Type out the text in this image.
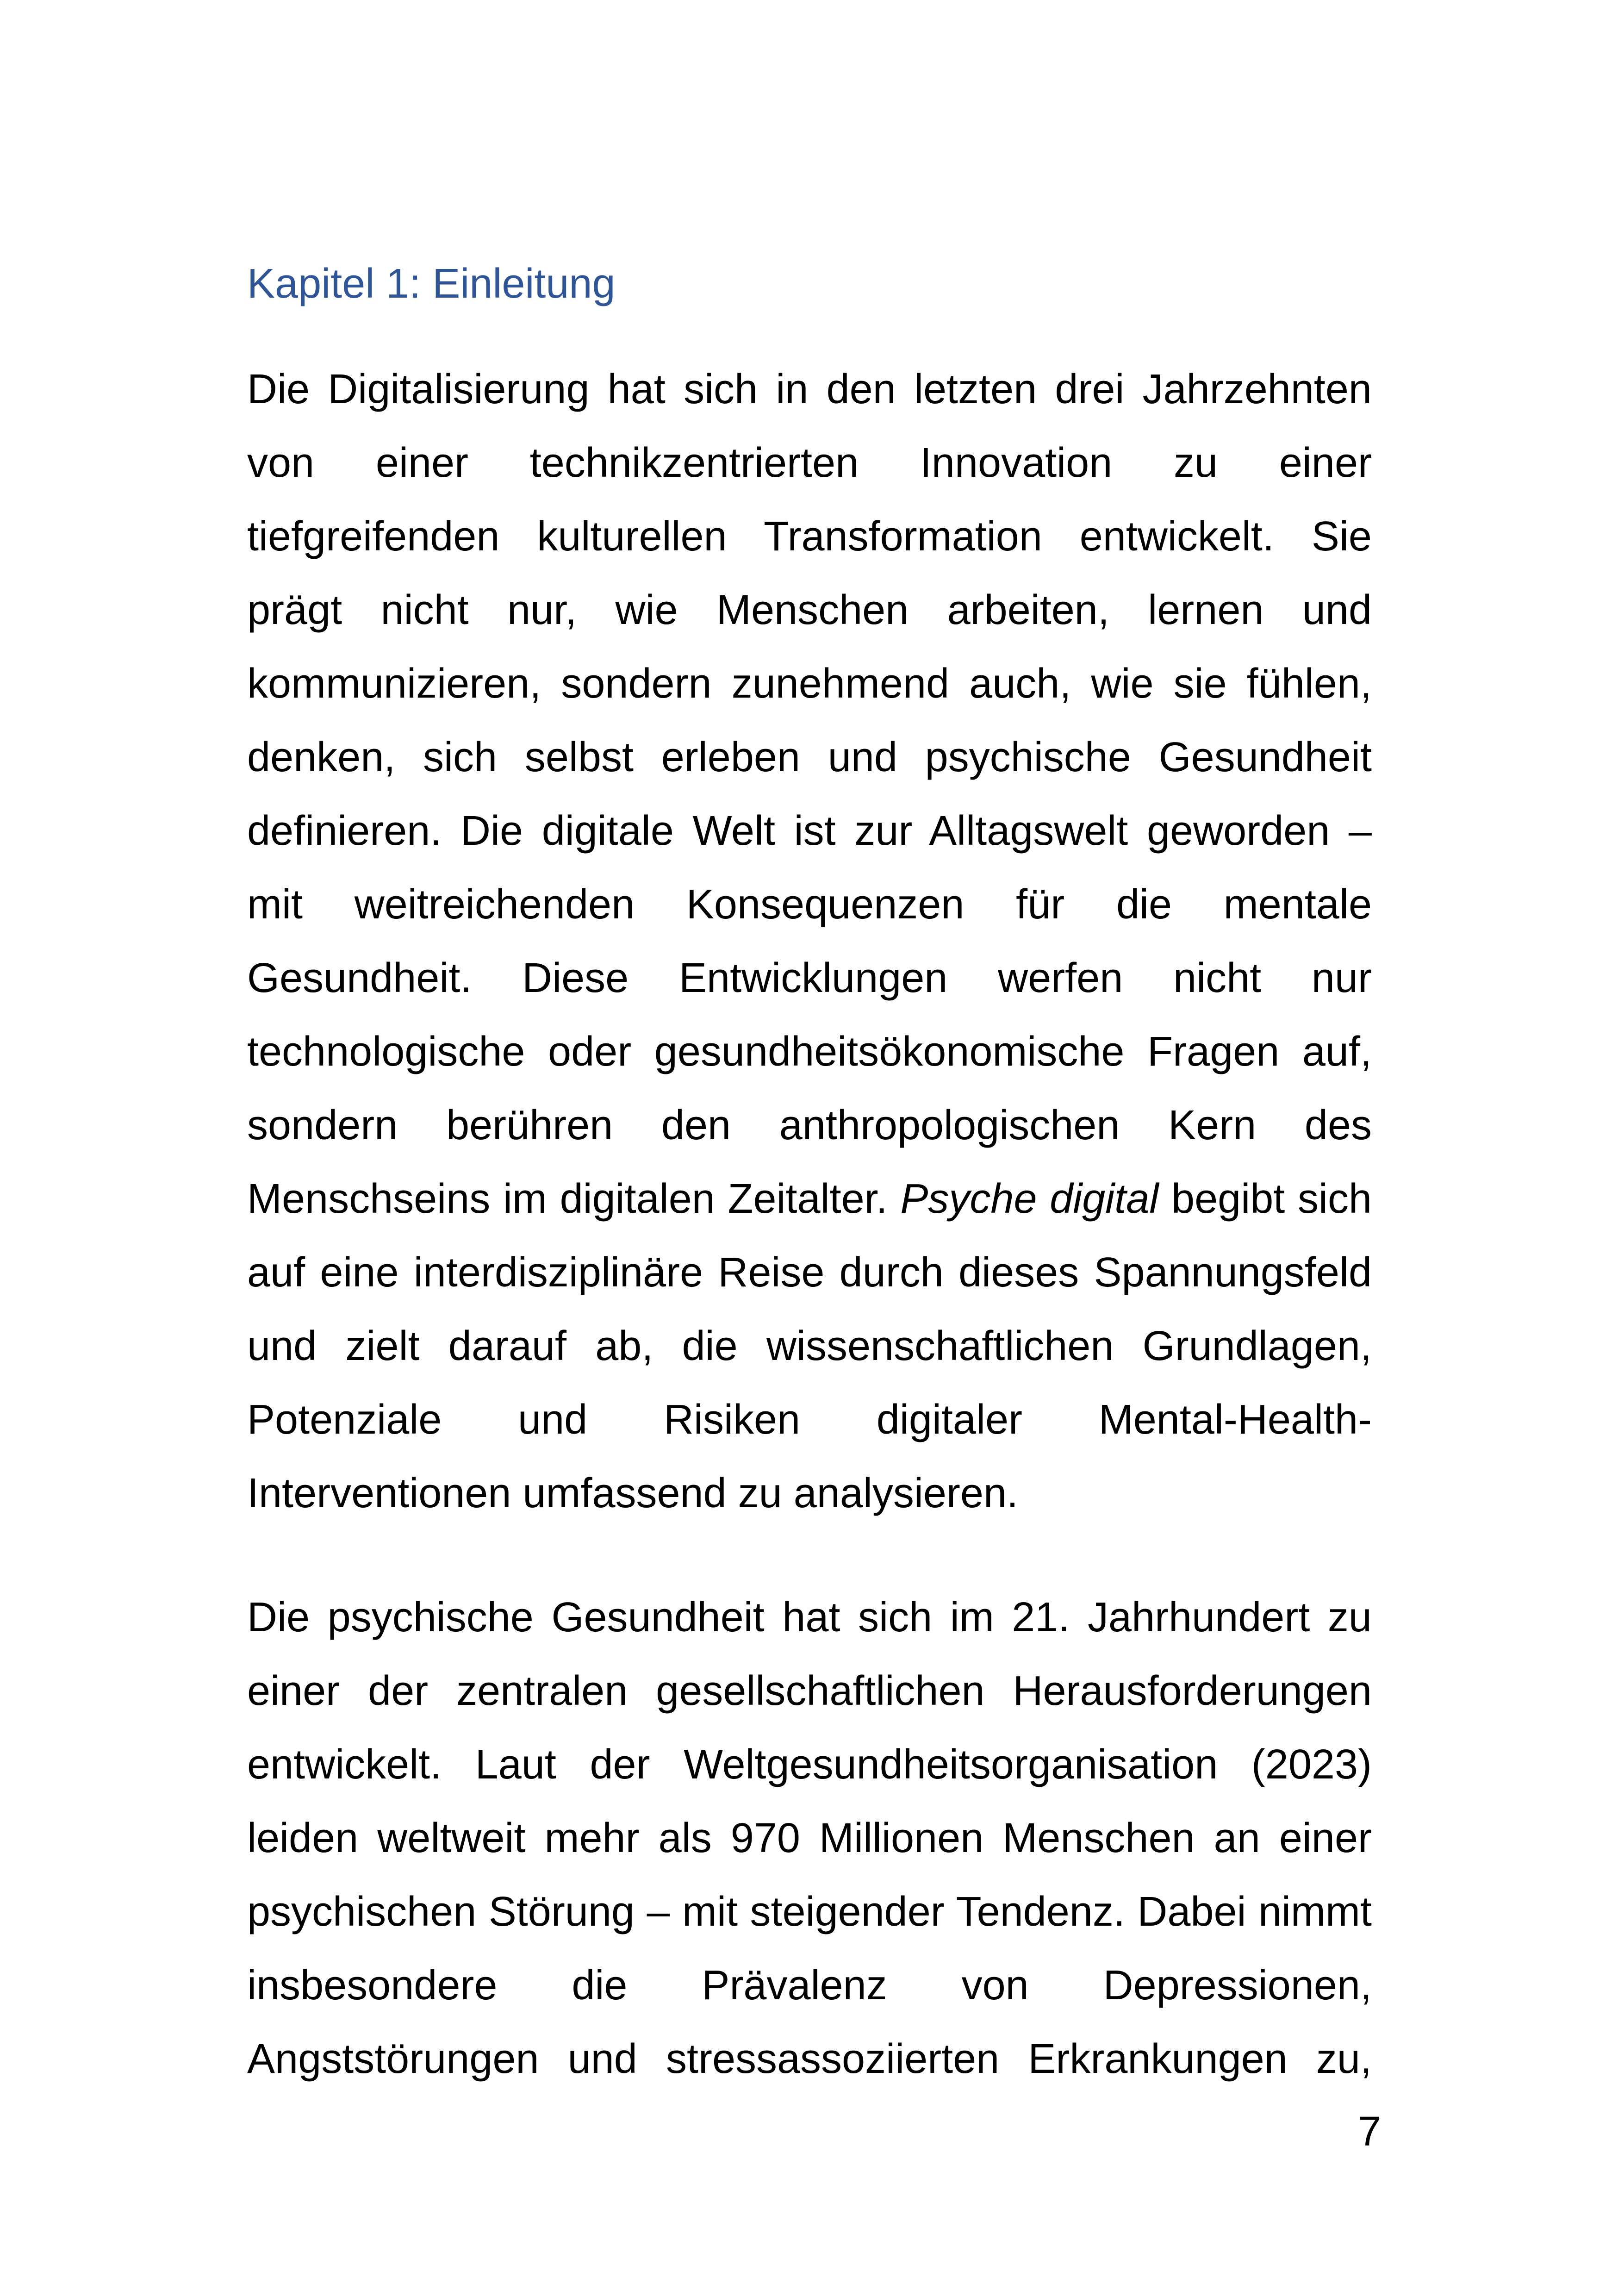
Kapitel 1: Einleitung
Die Digitalisierung hat sich in den letzten drei Jahrzehnten
von einer technikzentrierten Innovation zu einer
tiefgreifenden kulturellen Transformation entwickelt. Sie
prägt nicht nur, wie Menschen arbeiten, lernen und
kommunizieren, sondern zunehmend auch, wie sie fühlen,
denken, sich selbst erleben und psychische Gesundheit
definieren. Die digitale Welt ist zur Alltagswelt geworden –
mit weitreichenden Konsequenzen für die mentale
Gesundheit. Diese Entwicklungen werfen nicht nur
technologische oder gesundheitsökonomische Fragen auf,
sondern berühren den anthropologischen Kern des
Menschseins im digitalen Zeitalter. Psyche digital begibt sich
auf eine interdisziplinäre Reise durch dieses Spannungsfeld
und zielt darauf ab, die wissenschaftlichen Grundlagen,
Potenziale und Risiken digitaler Mental-Health-
Interventionen umfassend zu analysieren.
Die psychische Gesundheit hat sich im 21. Jahrhundert zu
einer der zentralen gesellschaftlichen Herausforderungen
entwickelt. Laut der Weltgesundheitsorganisation (2023)
leiden weltweit mehr als 970 Millionen Menschen an einer
psychischen Störung – mit steigender Tendenz. Dabei nimmt
insbesondere die Prävalenz von Depressionen,
Angststörungen und stressassoziierten Erkrankungen zu,
7
